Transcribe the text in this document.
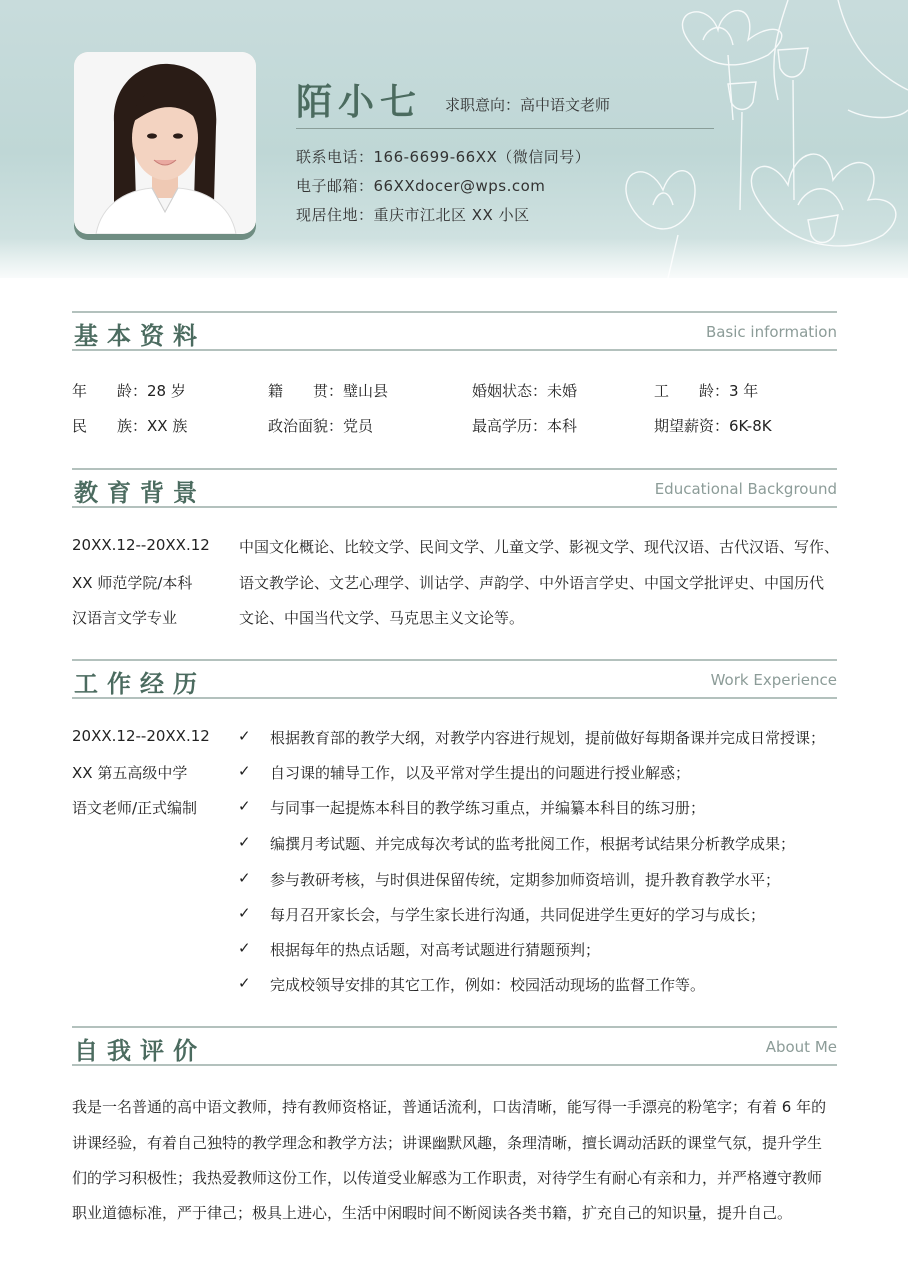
陌小七 求职意向：高中语文老师
联系电话：166-6699-66XX（微信同号）
电子邮箱：66XXdocer@wps.com
现居住地：重庆市江北区 XX 小区
基本资料	Basic information
年　　龄：28 岁	籍　　贯：璧山县	婚姻状态：未婚	工　　龄：3 年
民　　族：XX 族	政治面貌：党员	最高学历：本科	期望薪资：6K-8K
教育背景	Educational Background
20XX.12--20XX.12
XX 师范学院/本科
汉语言文学专业
中国文化概论、比较文学、民间文学、儿童文学、影视文学、现代汉语、古代汉语、写作、
语文教学论、文艺心理学、训诂学、声韵学、中外语言学史、中国文学批评史、中国历代
文论、中国当代文学、马克思主义文论等。
工作经历	Work Experience
20XX.12--20XX.12
XX 第五高级中学
语文老师/正式编制
✓ 根据教育部的教学大纲，对教学内容进行规划，提前做好每期备课并完成日常授课；
✓ 自习课的辅导工作，以及平常对学生提出的问题进行授业解惑；
✓ 与同事一起提炼本科目的教学练习重点，并编纂本科目的练习册；
✓ 编撰月考试题、并完成每次考试的监考批阅工作，根据考试结果分析教学成果；
✓ 参与教研考核，与时俱进保留传统，定期参加师资培训，提升教育教学水平；
✓ 每月召开家长会，与学生家长进行沟通，共同促进学生更好的学习与成长；
✓ 根据每年的热点话题，对高考试题进行猜题预判；
✓ 完成校领导安排的其它工作，例如：校园活动现场的监督工作等。
自我评价	About Me
我是一名普通的高中语文教师，持有教师资格证，普通话流利，口齿清晰，能写得一手漂亮的粉笔字；有着 6 年的
讲课经验，有着自己独特的教学理念和教学方法；讲课幽默风趣，条理清晰，擅长调动活跃的课堂气氛，提升学生
们的学习积极性；我热爱教师这份工作，以传道受业解惑为工作职责，对待学生有耐心有亲和力，并严格遵守教师
职业道德标准，严于律己；极具上进心，生活中闲暇时间不断阅读各类书籍，扩充自己的知识量，提升自己。
